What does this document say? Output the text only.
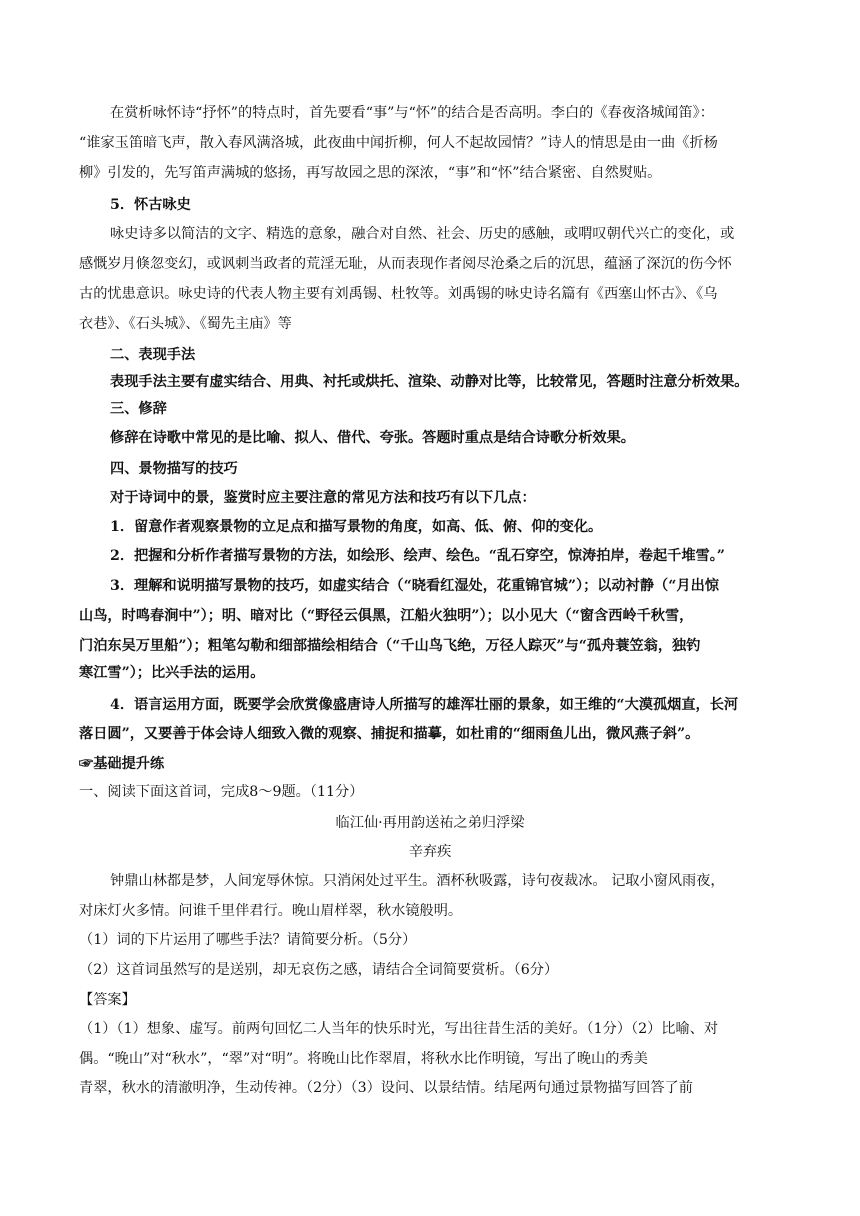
在赏析咏怀诗“抒怀”的特点时，首先要看“事”与“怀”的结合是否高明。李白的《春夜洛城闻笛》：
“谁家玉笛暗飞声，散入春风满洛城，此夜曲中闻折柳，何人不起故园情？”诗人的情思是由一曲《折杨
柳》引发的，先写笛声满城的悠扬，再写故园之思的深浓，“事”和“怀”结合紧密、自然熨贴。
5．怀古咏史
咏史诗多以简洁的文字、精选的意象，融合对自然、社会、历史的感触，或喟叹朝代兴亡的变化，或
感慨岁月倏忽变幻，或讽刺当政者的荒淫无耻，从而表现作者阅尽沧桑之后的沉思，蕴涵了深沉的伤今怀
古的忧患意识。咏史诗的代表人物主要有刘禹锡、杜牧等。刘禹锡的咏史诗名篇有《西塞山怀古》、《乌
衣巷》、《石头城》、《蜀先主庙》等
二、表现手法
表现手法主要有虚实结合、用典、衬托或烘托、渲染、动静对比等，比较常见，答题时注意分析效果。
三、修辞
修辞在诗歌中常见的是比喻、拟人、借代、夸张。答题时重点是结合诗歌分析效果。
四、景物描写的技巧
对于诗词中的景，鉴赏时应主要注意的常见方法和技巧有以下几点：
1．留意作者观察景物的立足点和描写景物的角度，如高、低、俯、仰的变化。
2．把握和分析作者描写景物的方法，如绘形、绘声、绘色。“乱石穿空，惊涛拍岸，卷起千堆雪。”
3．理解和说明描写景物的技巧，如虚实结合（“晓看红湿处，花重锦官城”）；以动衬静（“月出惊
山鸟，时鸣春涧中”）；明、暗对比（“野径云俱黑，江船火独明”）；以小见大（“窗含西岭千秋雪，
门泊东吴万里船”）；粗笔勾勒和细部描绘相结合（“千山鸟飞绝，万径人踪灭”与“孤舟蓑笠翁，独钓
寒江雪”）；比兴手法的运用。
4．语言运用方面，既要学会欣赏像盛唐诗人所描写的雄浑壮丽的景象，如王维的“大漠孤烟直，长河
落日圆”，又要善于体会诗人细致入微的观察、捕捉和描摹，如杜甫的“细雨鱼儿出，微风燕子斜”。
☞基础提升练
一、阅读下面这首词，完成8～9题。（11分）
临江仙·再用韵送祐之弟归浮梁
辛弃疾
钟鼎山林都是梦，人间宠辱休惊。只消闲处过平生。酒杯秋吸露，诗句夜裁冰。 记取小窗风雨夜，
对床灯火多情。问谁千里伴君行。晚山眉样翠，秋水镜般明。
（1）词的下片运用了哪些手法？请简要分析。（5分）
（2）这首词虽然写的是送别，却无哀伤之感，请结合全词简要赏析。（6分）
【答案】
（1）（1）想象、虚写。前两句回忆二人当年的快乐时光，写出往昔生活的美好。（1分）（2）比喻、对
偶。“晚山”对“秋水”，“翠”对“明”。将晚山比作翠眉，将秋水比作明镜，写出了晚山的秀美
青翠，秋水的清澈明净，生动传神。（2分）（3）设问、以景结情。结尾两句通过景物描写回答了前
